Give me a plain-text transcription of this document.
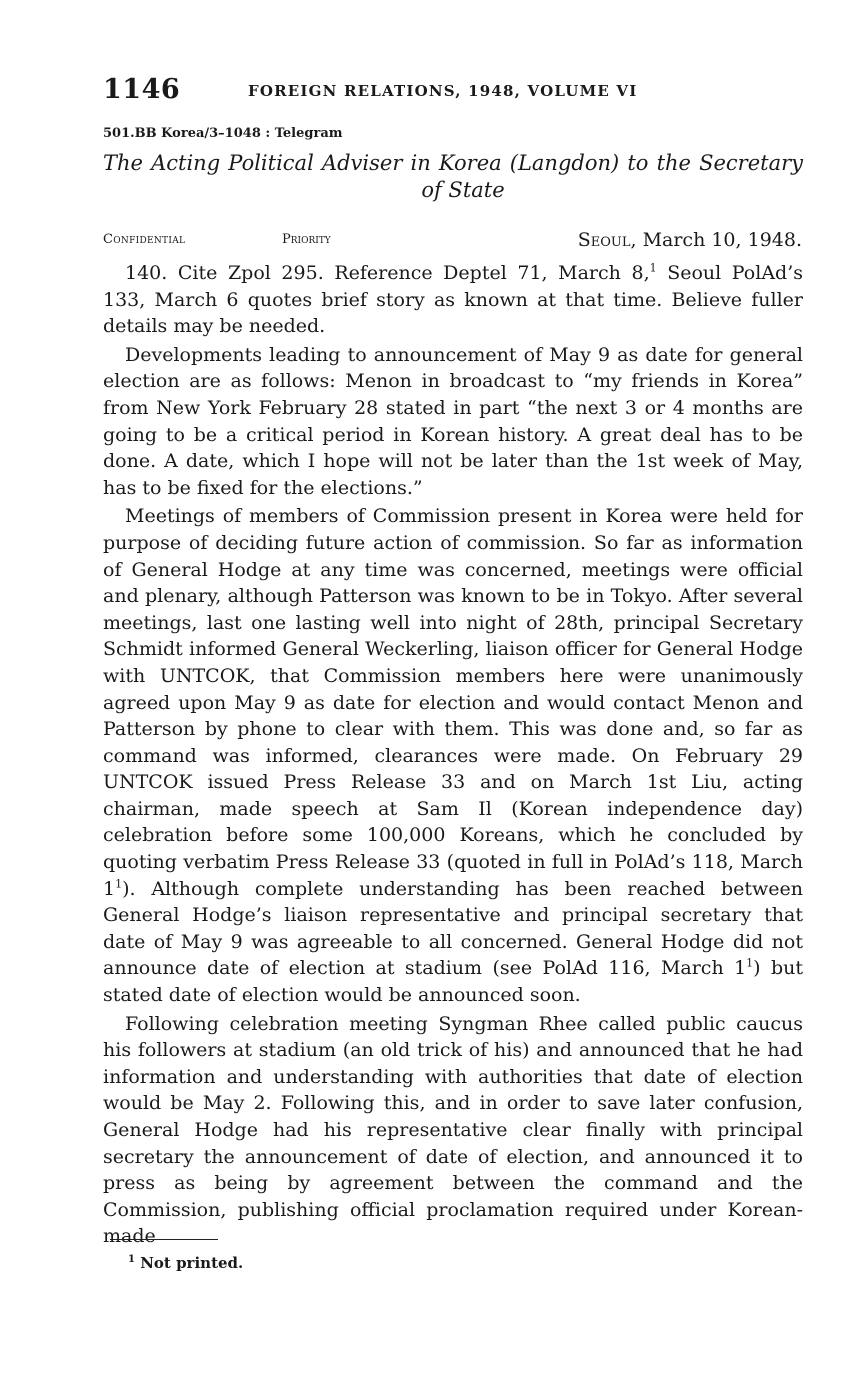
1146	FOREIGN RELATIONS, 1948, VOLUME VI
501.BB Korea/3–1048 : Telegram
The Acting Political Adviser in Korea (Langdon) to the Secretary
of State
Confidential	Priority	Seoul, March 10, 1948.

140. Cite Zpol 295. Reference Deptel 71, March 8,$^1$ Seoul PolAd’s 133, March 6 quotes brief story as known at that time. Believe fuller details may be needed.

Developments leading to announcement of May 9 as date for general election are as follows: Menon in broadcast to “my friends in Korea” from New York February 28 stated in part “the next 3 or 4 months are going to be a critical period in Korean history. A great deal has to be done. A date, which I hope will not be later than the 1st week of May, has to be fixed for the elections.”

Meetings of members of Commission present in Korea were held for purpose of deciding future action of commission. So far as information of General Hodge at any time was concerned, meetings were official and plenary, although Patterson was known to be in Tokyo. After several meetings, last one lasting well into night of 28th, principal Secretary Schmidt informed General Weckerling, liaison officer for General Hodge with UNTCOK, that Commission members here were unanimously agreed upon May 9 as date for election and would contact Menon and Patterson by phone to clear with them. This was done and, so far as command was informed, clearances were made. On February 29 UNTCOK issued Press Release 33 and on March 1st Liu, acting chairman, made speech at Sam Il (Korean independence day) celebration before some 100,000 Koreans, which he concluded by quoting verbatim Press Release 33 (quoted in full in PolAd’s 118, March $1^1$). Although complete understanding has been reached between General Hodge’s liaison representative and principal secretary that date of May 9 was agreeable to all concerned. General Hodge did not announce date of election at stadium (see PolAd 116, March $1^1$) but stated date of election would be announced soon.

Following celebration meeting Syngman Rhee called public caucus his followers at stadium (an old trick of his) and announced that he had information and understanding with authorities that date of election would be May 2. Following this, and in order to save later confusion, General Hodge had his representative clear finally with principal secretary the announcement of date of election, and announced it to press as being by agreement between the command and the Commission, publishing official proclamation required under Korean-made

$^1$ Not printed.
